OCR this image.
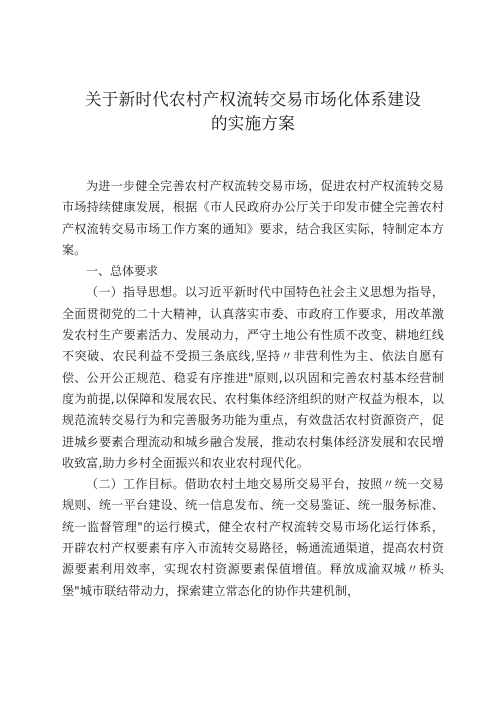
关于新时代农村产权流转交易市场化体系建设
的实施方案

为进一步健全完善农村产权流转交易市场，促进农村产权流转交易市场持续健康发展，根据《市人民政府办公厅关于印发市健全完善农村产权流转交易市场工作方案的通知》要求，结合我区实际，特制定本方案。

一、总体要求

（一）指导思想。以习近平新时代中国特色社会主义思想为指导，全面贯彻党的二十大精神，认真落实市委、市政府工作要求，用改革激发农村生产要素活力、发展动力，严守土地公有性质不改变、耕地红线不突破、农民利益不受损三条底线,坚持〃非营利性为主、依法自愿有偿、公开公正规范、稳妥有序推进"原则,以巩固和完善农村基本经营制度为前提,以保障和发展农民、农村集体经济组织的财产权益为根本，以规范流转交易行为和完善服务功能为重点，有效盘活农村资源资产，促进城乡要素合理流动和城乡融合发展，推动农村集体经济发展和农民增收致富,助力乡村全面振兴和农业农村现代化。

（二）工作目标。借助农村土地交易所交易平台，按照〃统一交易规则、统一平台建设、统一信息发布、统一交易鉴证、统一服务标准、统一监督管理"的运行模式，健全农村产权流转交易市场化运行体系，开辟农村产权要素有序入市流转交易路径，畅通流通渠道，提高农村资源要素利用效率，实现农村资源要素保值增值。释放成渝双城〃桥头堡"城市联结带动力，探索建立常态化的协作共建机制，
